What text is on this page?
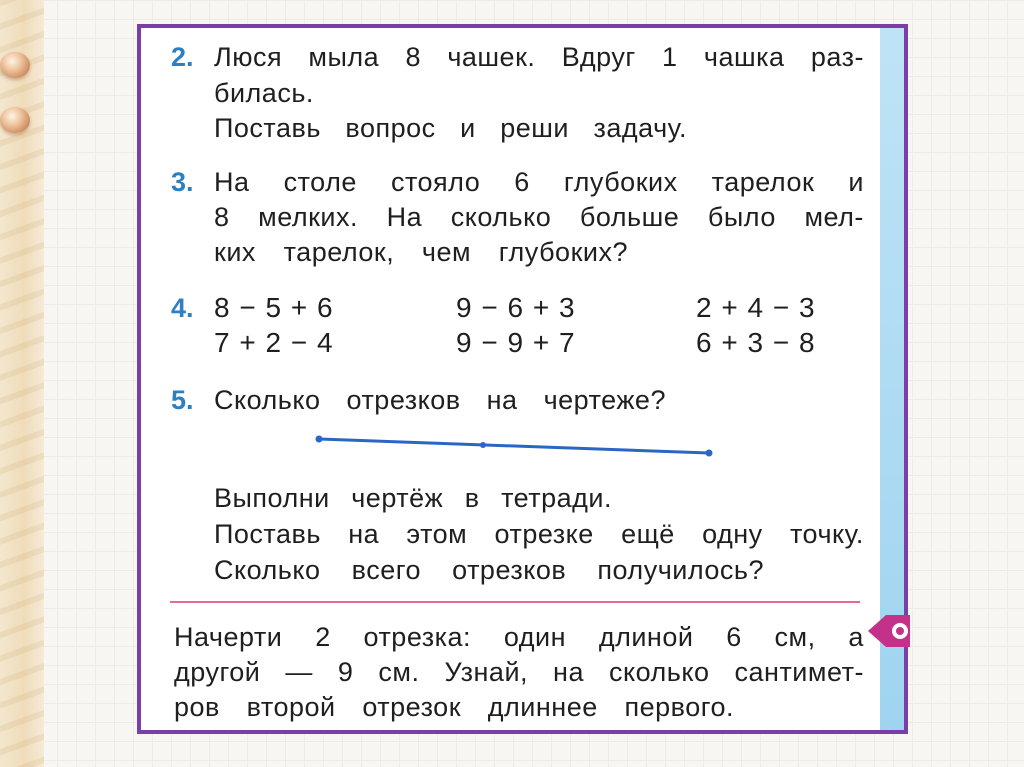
2. Люся мыла 8 чашек. Вдруг 1 чашка раз-
билась.
Поставь вопрос и реши задачу.
3. На столе стояло 6 глубоких тарелок и
8 мелких. На сколько больше было мел-
ких тарелок, чем глубоких?
4. 8 − 5 + 6	9 − 6 + 3	2 + 4 − 3
7 + 2 − 4	9 − 9 + 7	6 + 3 − 8
5. Сколько отрезков на чертеже?
Выполни чертёж в тетради.
Поставь на этом отрезке ещё одну точку.
Сколько всего отрезков получилось?
Начерти 2 отрезка: один длиной 6 см, а
другой — 9 см. Узнай, на сколько сантимет-
ров второй отрезок длиннее первого.
